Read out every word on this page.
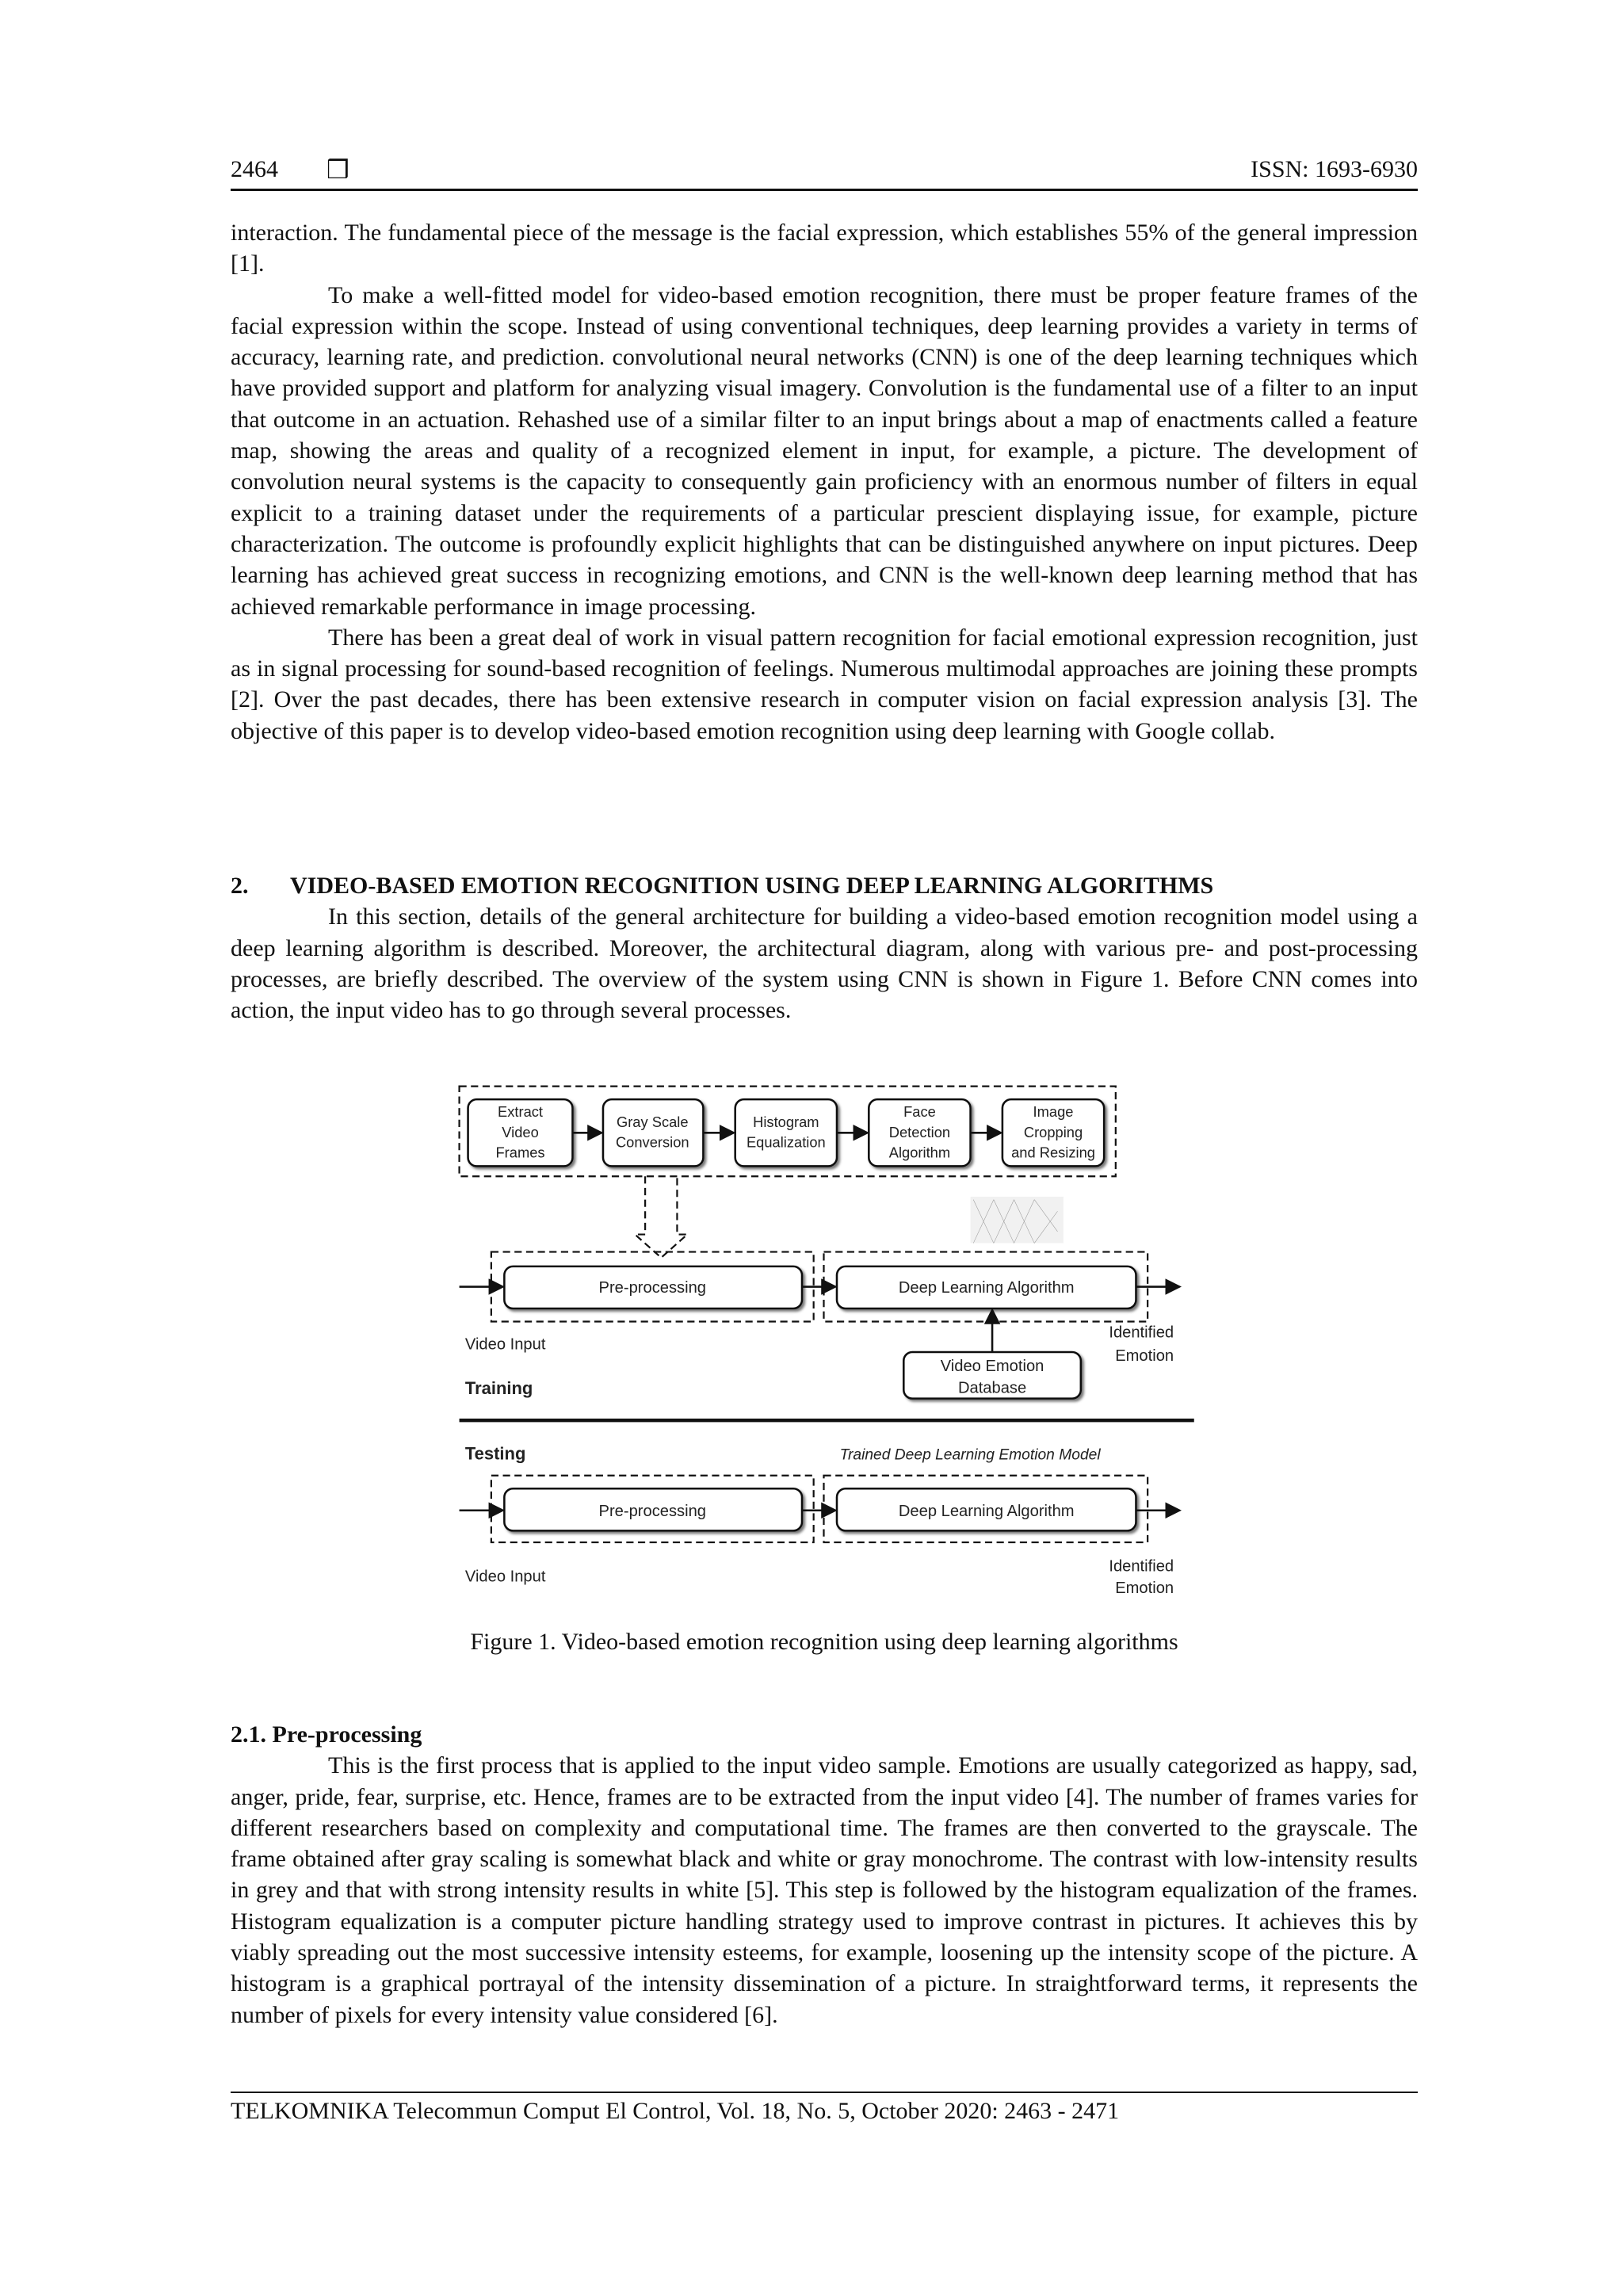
2464 ❒	ISSN: 1693-6930

interaction. The fundamental piece of the message is the facial expression, which establishes 55% of the general impression [1].

To make a well-fitted model for video-based emotion recognition, there must be proper feature frames of the facial expression within the scope. Instead of using conventional techniques, deep learning provides a variety in terms of accuracy, learning rate, and prediction. convolutional neural networks (CNN) is one of the deep learning techniques which have provided support and platform for analyzing visual imagery. Convolution is the fundamental use of a filter to an input that outcome in an actuation. Rehashed use of a similar filter to an input brings about a map of enactments called a feature map, showing the areas and quality of a recognized element in input, for example, a picture. The development of convolution neural systems is the capacity to consequently gain proficiency with an enormous number of filters in equal explicit to a training dataset under the requirements of a particular prescient displaying issue, for example, picture characterization. The outcome is profoundly explicit highlights that can be distinguished anywhere on input pictures. Deep learning has achieved great success in recognizing emotions, and CNN is the well-known deep learning method that has achieved remarkable performance in image processing.

There has been a great deal of work in visual pattern recognition for facial emotional expression recognition, just as in signal processing for sound-based recognition of feelings. Numerous multimodal approaches are joining these prompts [2]. Over the past decades, there has been extensive research in computer vision on facial expression analysis [3]. The objective of this paper is to develop video-based emotion recognition using deep learning with Google collab.

2. VIDEO-BASED EMOTION RECOGNITION USING DEEP LEARNING ALGORITHMS

In this section, details of the general architecture for building a video-based emotion recognition model using a deep learning algorithm is described. Moreover, the architectural diagram, along with various pre- and post-processing processes, are briefly described. The overview of the system using CNN is shown in Figure 1. Before CNN comes into action, the input video has to go through several processes.

Extract
Video
Frames
Gray Scale
Conversion
Histogram
Equalization
Face
Detection
Algorithm
Image
Cropping
and Resizing
Pre-processing	Deep Learning Algorithm
Video Emotion
Database
Pre-processing	Deep Learning Algorithm
Video Input
Identified
Emotion
Training
Testing	Trained Deep Learning Emotion Model
Video Input
Identified
Emotion
Figure 1. Video-based emotion recognition using deep learning algorithms
2.1. Pre-processing

This is the first process that is applied to the input video sample. Emotions are usually categorized as happy, sad, anger, pride, fear, surprise, etc. Hence, frames are to be extracted from the input video [4]. The number of frames varies for different researchers based on complexity and computational time. The frames are then converted to the grayscale. The frame obtained after gray scaling is somewhat black and white or gray monochrome. The contrast with low-intensity results in grey and that with strong intensity results in white [5]. This step is followed by the histogram equalization of the frames. Histogram equalization is a computer picture handling strategy used to improve contrast in pictures. It achieves this by viably spreading out the most successive intensity esteems, for example, loosening up the intensity scope of the picture. A histogram is a graphical portrayal of the intensity dissemination of a picture. In straightforward terms, it represents the number of pixels for every intensity value considered [6].

TELKOMNIKA Telecommun Comput El Control, Vol. 18, No. 5, October 2020: 2463 - 2471
